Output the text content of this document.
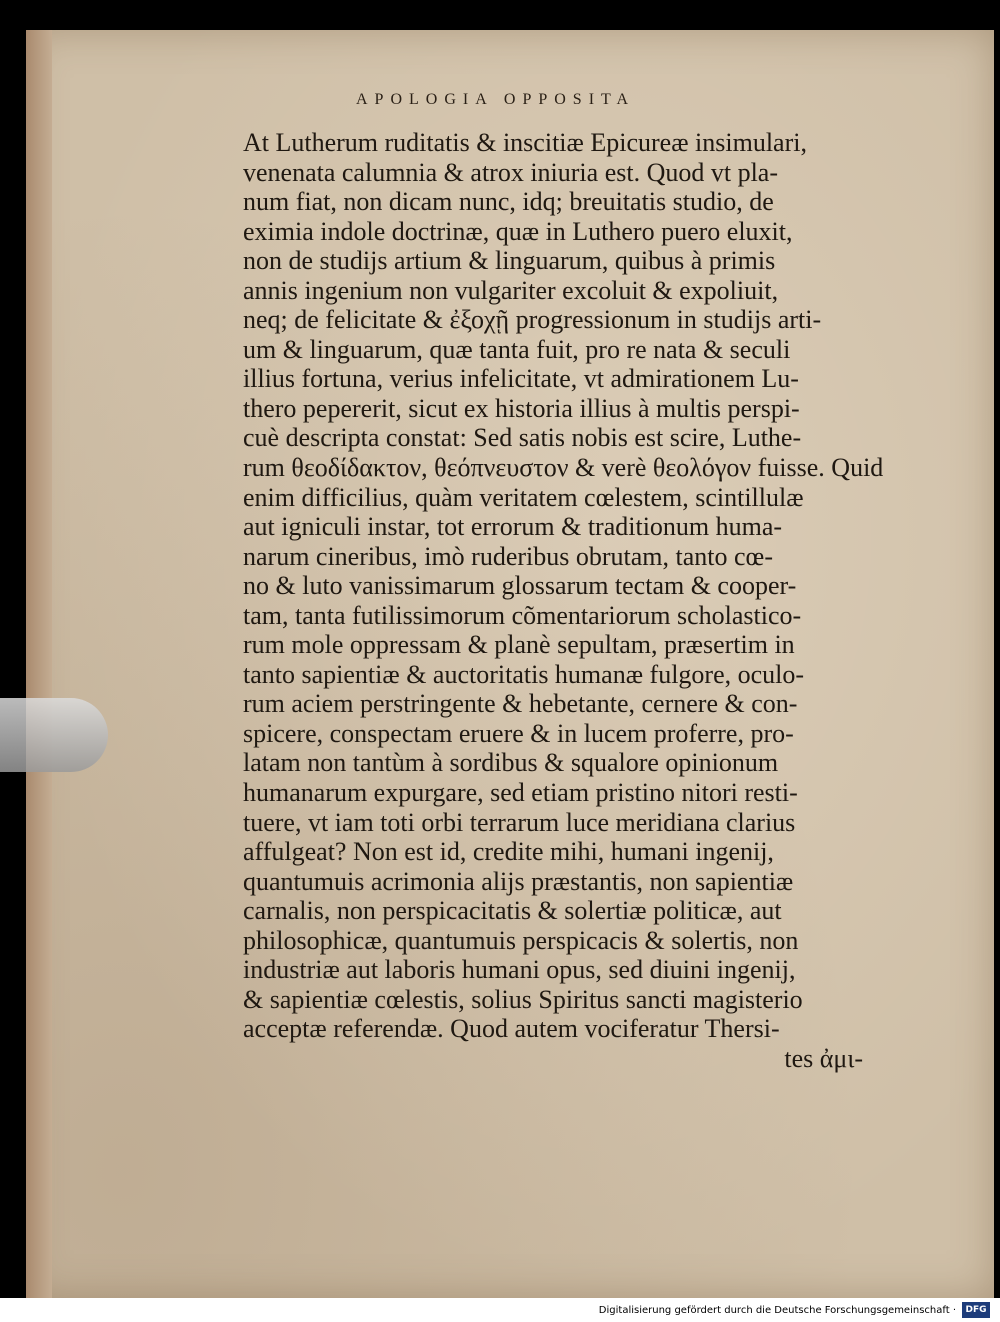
APOLOGIA OPPOSITA
At Lutherum ruditatis & inscitiæ Epicureæ insimulari,
venenata calumnia & atrox iniuria est. Quod vt pla-
num fiat, non dicam nunc, idq; breuitatis studio, de
eximia indole doctrinæ, quæ in Luthero puero eluxit,
non de studijs artium & linguarum, quibus à primis
annis ingenium non vulgariter excoluit & expoliuit,
neq; de felicitate & ἐξοχῇ progressionum in studijs arti-
um & linguarum, quæ tanta fuit, pro re nata & seculi
illius fortuna, verius infelicitate, vt admirationem Lu-
thero pepererit, sicut ex historia illius à multis perspi-
cuè descripta constat: Sed satis nobis est scire, Luthe-
rum θεοδίδακτον, θεόπνευστον & verè θεολόγον fuisse. Quid
enim difficilius, quàm veritatem cœlestem, scintillulæ
aut igniculi instar, tot errorum & traditionum huma-
narum cineribus, imò ruderibus obrutam, tanto cœ-
no & luto vanissimarum glossarum tectam & cooper-
tam, tanta futilissimorum cõmentariorum scholastico-
rum mole oppressam & planè sepultam, præsertim in
tanto sapientiæ & auctoritatis humanæ fulgore, oculo-
rum aciem perstringente & hebetante, cernere & con-
spicere, conspectam eruere & in lucem proferre, pro-
latam non tantùm à sordibus & squalore opinionum
humanarum expurgare, sed etiam pristino nitori resti-
tuere, vt iam toti orbi terrarum luce meridiana clarius
affulgeat? Non est id, credite mihi, humani ingenij,
quantumuis acrimonia alijs præstantis, non sapientiæ
carnalis, non perspicacitatis & solertiæ politicæ, aut
philosophicæ, quantumuis perspicacis & solertis, non
industriæ aut laboris humani opus, sed diuini ingenij,
& sapientiæ cœlestis, solius Spiritus sancti magisterio
acceptæ referendæ. Quod autem vociferatur Thersi-
tes ἀμι-
Digitalisierung gefördert durch die Deutsche Forschungsgemeinschaft ·	DFG
